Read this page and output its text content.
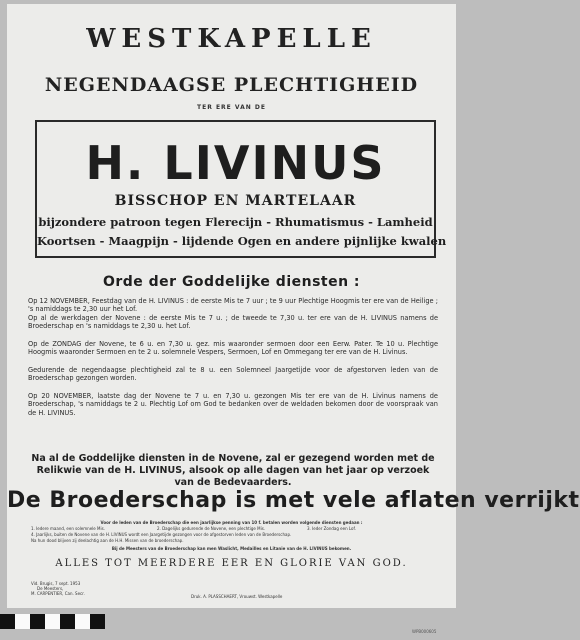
WESTKAPELLE
NEGENDAAGSE PLECHTIGHEID
TER ERE VAN DE
H. LIVINUS
BISSCHOP EN MARTELAAR
bijzondere patroon tegen Flerecijn - Rhumatismus - Lamheid
Koortsen - Maagpijn - lijdende Ogen en andere pijnlijke kwalen
Orde der Goddelijke diensten :
Op 12 NOVEMBER, Feestdag van de H. LIVINUS : de eerste Mis te 7 uur ; te 9 uur Plechtige Hoogmis ter ere van de Heilige ; 's namiddags te 2,30 uur het Lof.
Op al de werkdagen der Novene : de eerste Mis te 7 u. ; de tweede te 7,30 u. ter ere van de H. LIVINUS namens de Broederschap en 's namiddags te 2,30 u. het Lof.
Op de ZONDAG der Novene, te 6 u. en 7,30 u. gez. mis waaronder sermoen door een Eerw. Pater. Te 10 u. Plechtige Hoogmis waaronder Sermoen en te 2 u. solemnele Vespers, Sermoen, Lof en Ommegang ter ere van de H. Livinus.
Gedurende de negendaagse plechtigheid zal te 8 u. een Solemneel Jaargetijde voor de afgestorven leden van de Broederschap gezongen worden.
Op 20 NOVEMBER, laatste dag der Novene te 7 u. en 7,30 u. gezongen Mis ter ere van de H. Livinus namens de Broederschap, 's namiddags te 2 u. Plechtig Lof om God te bedanken over de weldaden bekomen door de voorspraak van de H. LIVINUS.
Na al de Goddelijke diensten in de Novene, zal er gezegend worden met de Relikwie van de H. LIVINUS, alsook op alle dagen van het jaar op verzoek van de Bedevaarders.
De Broederschap is met vele aflaten verrijkt
Voor de leden van de Broederschap die een jaarlijkse penning van 10 f. betalen worden volgende diensten gedaan :
1. Iedere maand, een solemnele Mis.	2. Dagelijks gedurende de Novene, een plechtige Mis.	3. Ieder Zondag een Lof.
4. Jaarlijks, buiten de Novene van de H. LIVINUS wordt een Jaargetijde gezongen voor de afgestorven leden van de Broederschap.
Na hun dood blijven zij deelachtig aan de H.H. Missen van de broederschap.
Bij de Meesters van de Broederschap kan men Waslicht, Medailles en Litanie van de H. LIVINUS bekomen.
ALLES TOT MEERDERE EER EN GLORIE VAN GOD.
Vid. Brugis, 7 sept. 1953
De Meesters,
M. CARPENTIER, Can. Secr.
Druk. A. PLASSCHAERT, Vrouwst. Westkapelle
WPB000605
